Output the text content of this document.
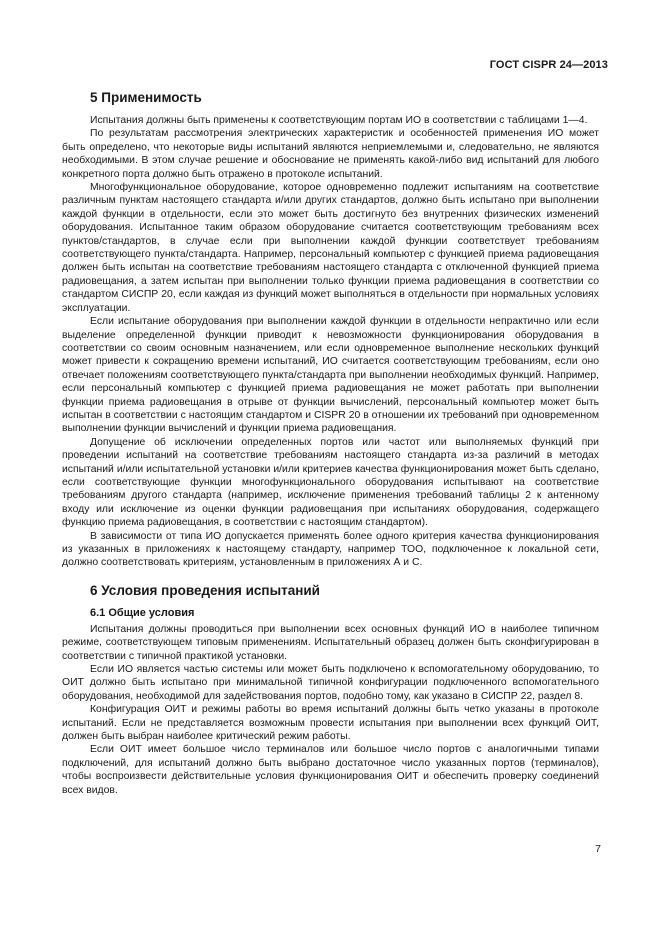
ГОСТ CISPR 24—2013
5 Применимость

Испытания должны быть применены к соответствующим портам ИО в соответствии с таблицами 1—4.

По результатам рассмотрения электрических характеристик и особенностей применения ИО может быть определено, что некоторые виды испытаний являются неприемлемыми и, следовательно, не являются необходимыми. В этом случае решение и обоснование не применять какой-либо вид испытаний для любого конкретного порта должно быть отражено в протоколе испытаний.

Многофункциональное оборудование, которое одновременно подлежит испытаниям на соответствие различным пунктам настоящего стандарта и/или других стандартов, должно быть испытано при выполнении каждой функции в отдельности, если это может быть достигнуто без внутренних физических изменений оборудования. Испытанное таким образом оборудование считается соответствующим требованиям всех пунктов/стандартов, в случае если при выполнении каждой функции соответствует требованиям соответствующего пункта/стандарта. Например, персональный компьютер с функцией приема радиовещания должен быть испытан на соответствие требованиям настоящего стандарта с отключенной функцией приема радиовещания, а затем испытан при выполнении только функции приема радиовещания в соответствии со стандартом СИСПР 20, если каждая из функций может выполняться в отдельности при нормальных условиях эксплуатации.

Если испытание оборудования при выполнении каждой функции в отдельности непрактично или если выделение определенной функции приводит к невозможности функционирования оборудования в соответствии со своим основным назначением, или если одновременное выполнение нескольких функций может привести к сокращению времени испытаний, ИО считается соответствующим требованиям, если оно отвечает положениям соответствующего пункта/стандарта при выполнении необходимых функций. Например, если персональный компьютер с функцией приема радиовещания не может работать при выполнении функции приема радиовещания в отрыве от функции вычислений, персональный компьютер может быть испытан в соответствии с настоящим стандартом и CISPR 20 в отношении их требований при одновременном выполнении функции вычислений и функции приема радиовещания.

Допущение об исключении определенных портов или частот или выполняемых функций при проведении испытаний на соответствие требованиям настоящего стандарта из-за различий в методах испытаний и/или испытательной установки и/или критериев качества функционирования может быть сделано, если соответствующие функции многофункционального оборудования испытывают на соответствие требованиям другого стандарта (например, исключение применения требований таблицы 2 к антенному входу или исключение из оценки функции радиовещания при испытаниях оборудования, содержащего функцию приема радиовещания, в соответствии с настоящим стандартом).

В зависимости от типа ИО допускается применять более одного критерия качества функционирования из указанных в приложениях к настоящему стандарту, например ТОО, подключенное к локальной сети, должно соответствовать критериям, установленным в приложениях А и С.

6 Условия проведения испытаний
6.1 Общие условия

Испытания должны проводиться при выполнении всех основных функций ИО в наиболее типичном режиме, соответствующем типовым применениям. Испытательный образец должен быть сконфигурирован в соответствии с типичной практикой установки.

Если ИО является частью системы или может быть подключено к вспомогательному оборудованию, то ОИТ должно быть испытано при минимальной типичной конфигурации подключенного вспомогательного оборудования, необходимой для задействования портов, подобно тому, как указано в СИСПР 22, раздел 8.

Конфигурация ОИТ и режимы работы во время испытаний должны быть четко указаны в протоколе испытаний. Если не представляется возможным провести испытания при выполнении всех функций ОИТ, должен быть выбран наиболее критический режим работы.

Если ОИТ имеет большое число терминалов или большое число портов с аналогичными типами подключений, для испытаний должно быть выбрано достаточное число указанных портов (терминалов), чтобы воспроизвести действительные условия функционирования ОИТ и обеспечить проверку соединений всех видов.

7
